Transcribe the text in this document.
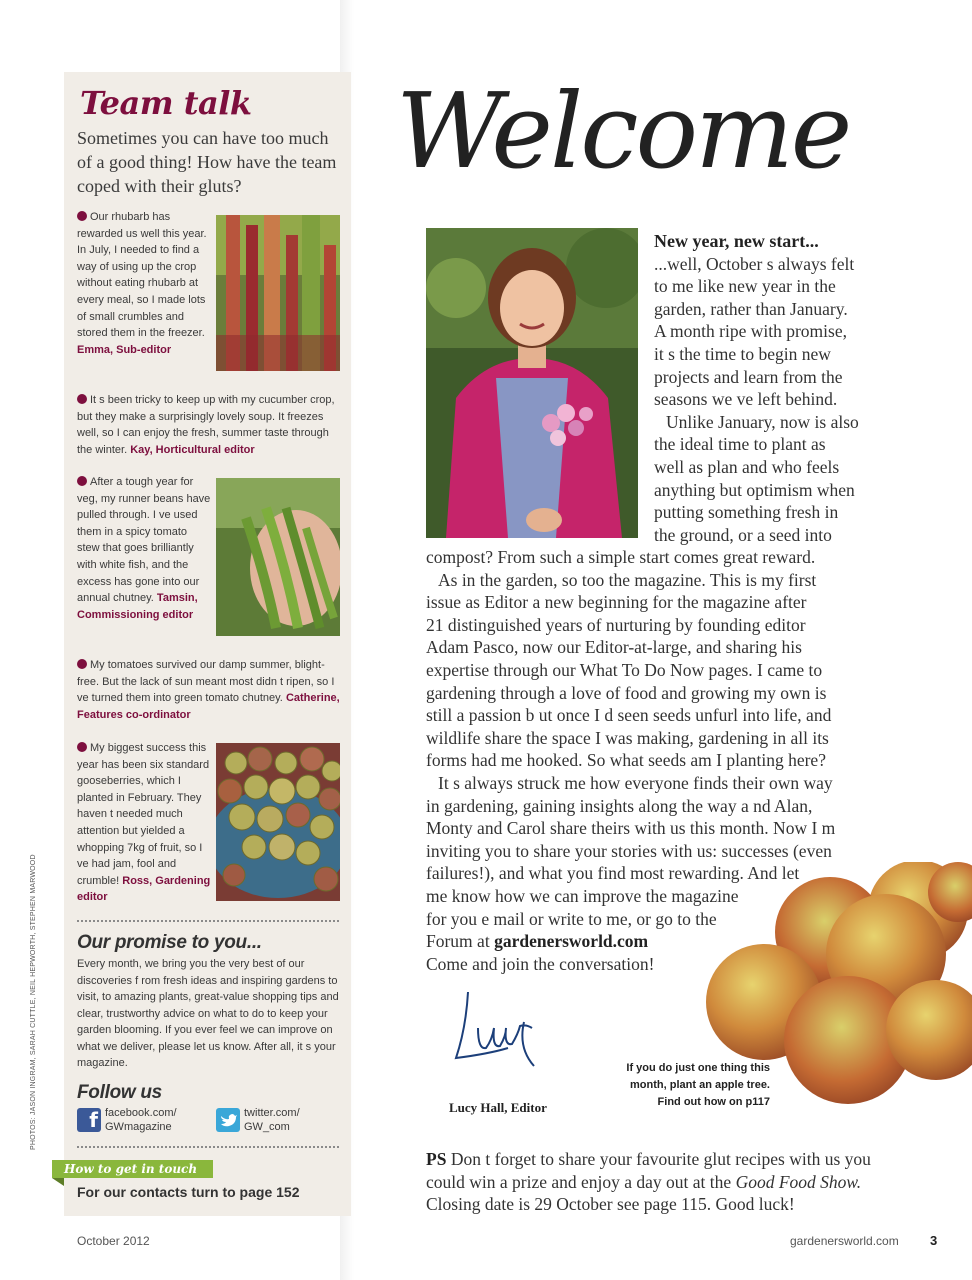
PHOTOS: JASON INGRAM, SARAH CUTTLE, NEIL HEPWORTH, STEPHEN MARWOOD
Team talk
Sometimes you can have too much of a good thing! How have the team coped with their gluts?
Our rhubarb has rewarded us well this year. In July, I needed to find a way of using up the crop without eating rhubarb at every meal, so I made lots of small crumbles and stored them in the freezer. Emma, Sub-editor
It s been tricky to keep up with my cucumber crop, but they make a surprisingly lovely soup. It freezes well, so I can enjoy the fresh, summer taste through the winter. Kay, Horticultural editor
After a tough year for veg, my runner beans have pulled through. I ve used them in a spicy tomato stew that goes brilliantly with white fish, and the excess has gone into our annual chutney. Tamsin, Commissioning editor
My tomatoes survived our damp summer, blight-free. But the lack of sun meant most didn t ripen, so I ve turned them into green tomato chutney. Catherine, Features co-ordinator
My biggest success this year has been six standard gooseberries, which I planted in February. They haven t needed much attention but yielded a whopping 7kg of fruit, so I ve had jam, fool and crumble! Ross, Gardening editor
Our promise to you...
Every month, we bring you the very best of our discoveries f rom fresh ideas and inspiring gardens to visit, to amazing plants, great-value shopping tips and clear, trustworthy advice on what to do to keep your garden blooming. If you ever feel we can improve on what we deliver, please let us know. After all, it s your magazine.
Follow us
f facebook.com/
GWmagazine
twitter.com/
GW_com
How to get in touch
For our contacts turn to page 152
Welcome
New year, new start...
...well, October s always felt
to me like new year in the
garden, rather than January.
A month ripe with promise,
it s the time to begin new
projects and learn from the
seasons we ve left behind.
Unlike January, now is also
the ideal time to plant as
well as plan and who feels
anything but optimism when
putting something fresh in
the ground, or a seed into
compost? From such a simple start comes great reward.
As in the garden, so too the magazine. This is my first
issue as Editor a new beginning for the magazine after
21 distinguished years of nurturing by founding editor
Adam Pasco, now our Editor-at-large, and sharing his
expertise through our What To Do Now pages. I came to
gardening through a love of food and growing my own is
still a passion b ut once I d seen seeds unfurl into life, and
wildlife share the space I was making, gardening in all its
forms had me hooked. So what seeds am I planting here?
It s always struck me how everyone finds their own way
in gardening, gaining insights along the way a nd Alan,
Monty and Carol share theirs with us this month. Now I m
inviting you to share your stories with us: successes (even
failures!), and what you find most rewarding. And let
me know how we can improve the magazine
for you e mail or write to me, or go to the
Forum at gardenersworld.com
Come and join the conversation!
Lucy Hall, Editor
If you do just one thing this month, plant an apple tree. Find out how on p117
PS Don t forget to share your favourite glut recipes with us you could win a prize and enjoy a day out at the Good Food Show. Closing date is 29 October see page 115. Good luck!
October 2012	gardenersworld.com 3
